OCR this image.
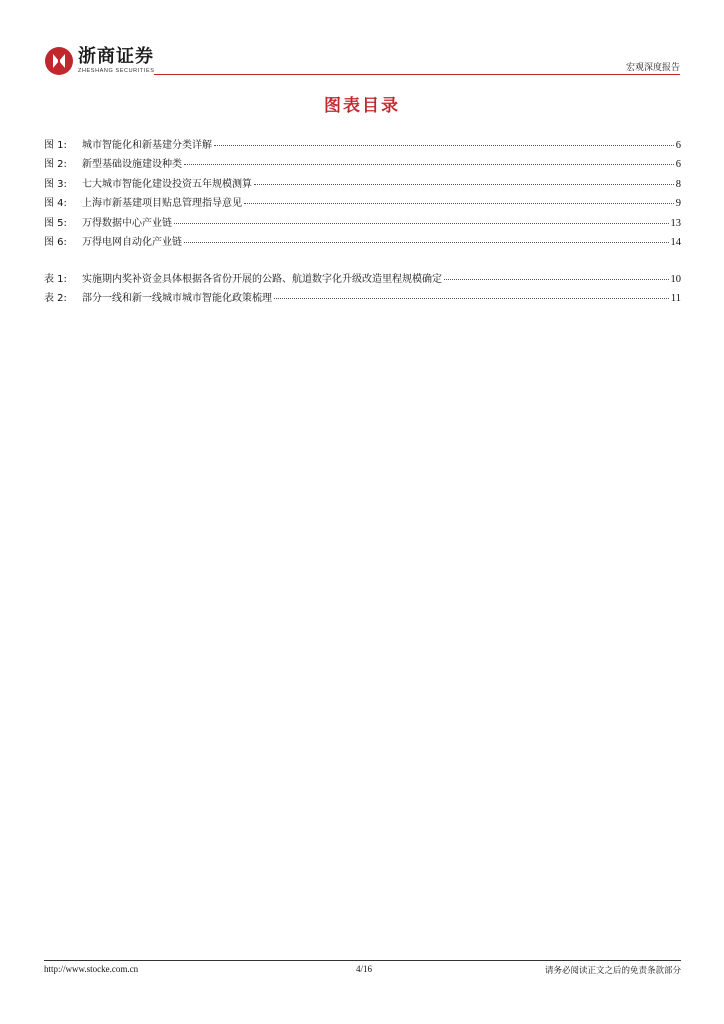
浙商证券
ZHESHANG SECURITIES	宏观深度报告
图表目录
图 1:	城市智能化和新基建分类详解	6
图 2:	新型基础设施建设种类	6
图 3:	七大城市智能化建设投资五年规模测算	8
图 4:	上海市新基建项目贴息管理指导意见	9
图 5:	万得数据中心产业链	13
图 6:	万得电网自动化产业链	14
表 1:	实施期内奖补资金具体根据各省份开展的公路、航道数字化升级改造里程规模确定	10
表 2:	部分一线和新一线城市城市智能化政策梳理	11
http://www.stocke.com.cn	4/16	请务必阅读正文之后的免责条款部分
